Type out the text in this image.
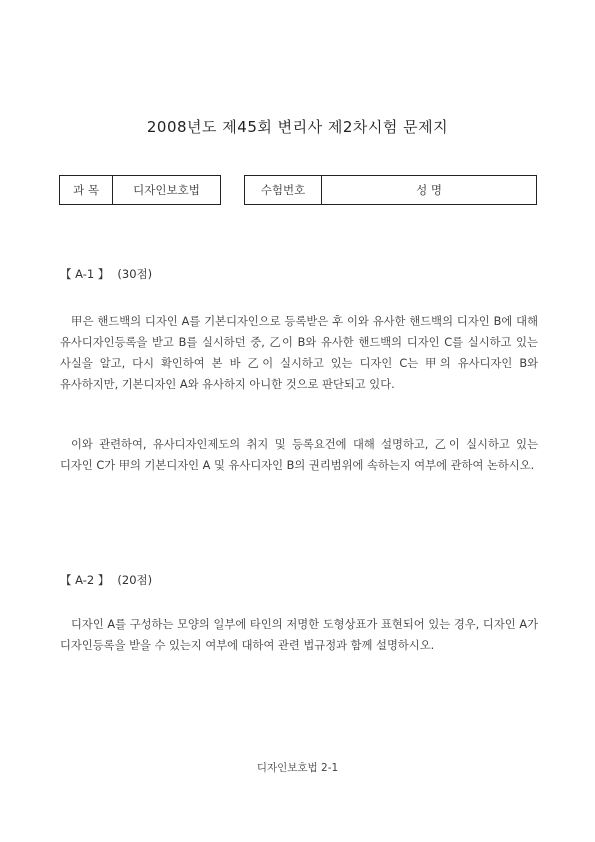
2008년도 제45회 변리사 제2차시험 문제지
과 목	디자인보호법	수험번호	성 명
【 A-1 】 (30점)

甲은 핸드백의 디자인 A를 기본디자인으로 등록받은 후 이와 유사한 핸드백의 디자인 B에 대해 유사디자인등록을 받고 B를 실시하던 중, 乙이 B와 유사한 핸드백의 디자인 C를 실시하고 있는 사실을 알고, 다시 확인하여 본 바 乙이 실시하고 있는 디자인 C는 甲의 유사디자인 B와 유사하지만, 기본디자인 A와 유사하지 아니한 것으로 판단되고 있다.

이와 관련하여, 유사디자인제도의 취지 및 등록요건에 대해 설명하고, 乙이 실시하고 있는 디자인 C가 甲의 기본디자인 A 및 유사디자인 B의 권리범위에 속하는지 여부에 관하여 논하시오.

【 A-2 】 (20점)

디자인 A를 구성하는 모양의 일부에 타인의 저명한 도형상표가 표현되어 있는 경우, 디자인 A가 디자인등록을 받을 수 있는지 여부에 대하여 관련 법규정과 함께 설명하시오.

디자인보호법 2-1
